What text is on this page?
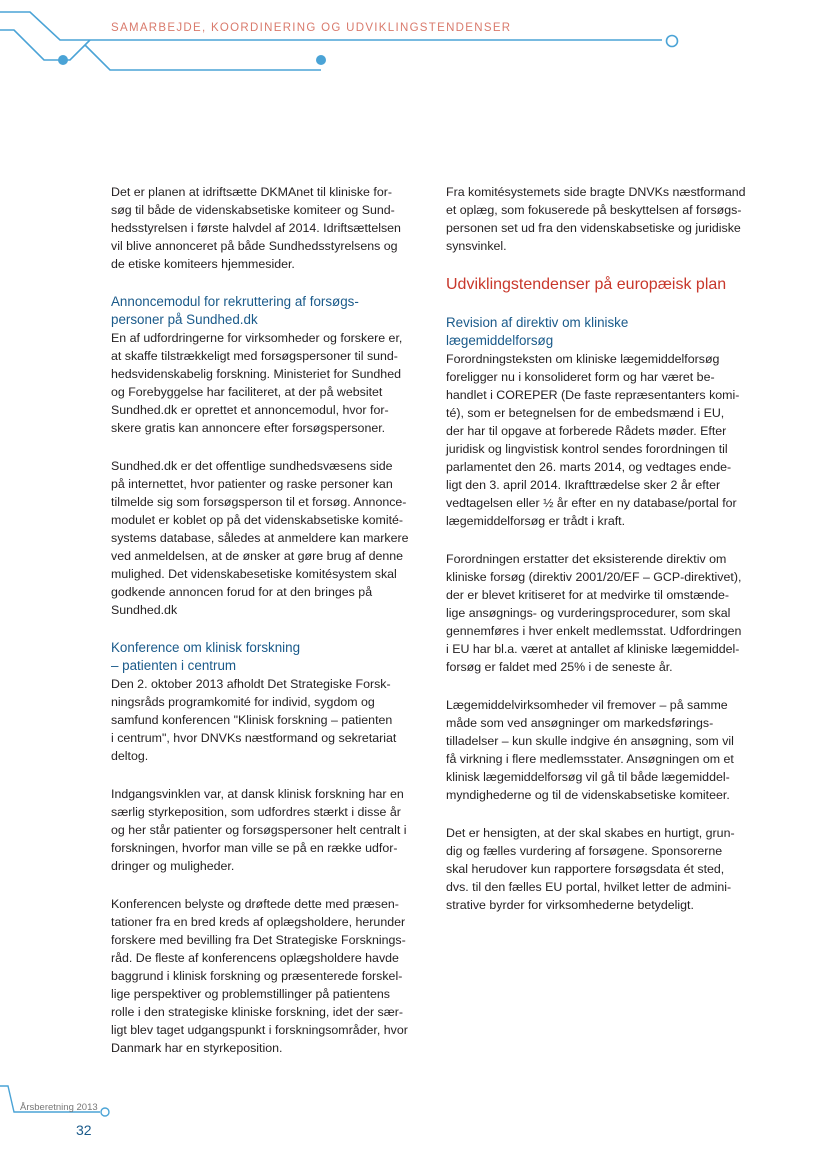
SAMARBEJDE, KOORDINERING OG UDVIKLINGSTENDENSER

Det er planen at idriftsætte DKMAnet til kliniske for-
søg til både de videnskabsetiske komiteer og Sund-
hedsstyrelsen i første halvdel af 2014. Idriftsættelsen
vil blive annonceret på både Sundhedsstyrelsens og
de etiske komiteers hjemmesider.

Annoncemodul for rekruttering af forsøgs-
personer på Sundhed.dk

En af udfordringerne for virksomheder og forskere er,
at skaffe tilstrækkeligt med forsøgspersoner til sund-
hedsvidenskabelig forskning. Ministeriet for Sundhed
og Forebyggelse har faciliteret, at der på websitet
Sundhed.dk er oprettet et annoncemodul, hvor for-
skere gratis kan annoncere efter forsøgspersoner.

Sundhed.dk er det offentlige sundhedsvæsens side
på internettet, hvor patienter og raske personer kan
tilmelde sig som forsøgsperson til et forsøg. Annonce-
modulet er koblet op på det videnskabsetiske komité-
systems database, således at anmeldere kan markere
ved anmeldelsen, at de ønsker at gøre brug af denne
mulighed. Det videnskabesetiske komitésystem skal
godkende annoncen forud for at den bringes på
Sundhed.dk

Konference om klinisk forskning
– patienten i centrum

Den 2. oktober 2013 afholdt Det Strategiske Forsk-
ningsråds programkomité for individ, sygdom og
samfund konferencen "Klinisk forskning – patienten
i centrum", hvor DNVKs næstformand og sekretariat
deltog.

Indgangsvinklen var, at dansk klinisk forskning har en
særlig styrkeposition, som udfordres stærkt i disse år
og her står patienter og forsøgspersoner helt centralt i
forskningen, hvorfor man ville se på en række udfor-
dringer og muligheder.

Konferencen belyste og drøftede dette med præsen-
tationer fra en bred kreds af oplægsholdere, herunder
forskere med bevilling fra Det Strategiske Forsknings-
råd. De fleste af konferencens oplægsholdere havde
baggrund i klinisk forskning og præsenterede forskel-
lige perspektiver og problemstillinger på patientens
rolle i den strategiske kliniske forskning, idet der sær-
ligt blev taget udgangspunkt i forskningsområder, hvor
Danmark har en styrkeposition.

Fra komitésystemets side bragte DNVKs næstformand
et oplæg, som fokuserede på beskyttelsen af forsøgs-
personen set ud fra den videnskabsetiske og juridiske
synsvinkel.

Udviklingstendenser på europæisk plan
Revision af direktiv om kliniske
lægemiddelforsøg

Forordningsteksten om kliniske lægemiddelforsøg
foreligger nu i konsolideret form og har været be-
handlet i COREPER (De faste repræsentanters komi-
té), som er betegnelsen for de embedsmænd i EU,
der har til opgave at forberede Rådets møder. Efter
juridisk og lingvistisk kontrol sendes forordningen til
parlamentet den 26. marts 2014, og vedtages ende-
ligt den 3. april 2014. Ikrafttrædelse sker 2 år efter
vedtagelsen eller ½ år efter en ny database/portal for
lægemiddelforsøg er trådt i kraft.

Forordningen erstatter det eksisterende direktiv om
kliniske forsøg (direktiv 2001/20/EF – GCP-direktivet),
der er blevet kritiseret for at medvirke til omstænde-
lige ansøgnings- og vurderingsprocedurer, som skal
gennemføres i hver enkelt medlemsstat. Udfordringen
i EU har bl.a. været at antallet af kliniske lægemiddel-
forsøg er faldet med 25% i de seneste år.

Lægemiddelvirksomheder vil fremover – på samme
måde som ved ansøgninger om markedsførings-
tilladelser – kun skulle indgive én ansøgning, som vil
få virkning i flere medlemsstater. Ansøgningen om et
klinisk lægemiddelforsøg vil gå til både lægemiddel-
myndighederne og til de videnskabsetiske komiteer.

Det er hensigten, at der skal skabes en hurtigt, grun-
dig og fælles vurdering af forsøgene. Sponsorerne
skal herudover kun rapportere forsøgsdata ét sted,
dvs. til den fælles EU portal, hvilket letter de admini-
strative byrder for virksomhederne betydeligt.

Årsberetning 2013
32
